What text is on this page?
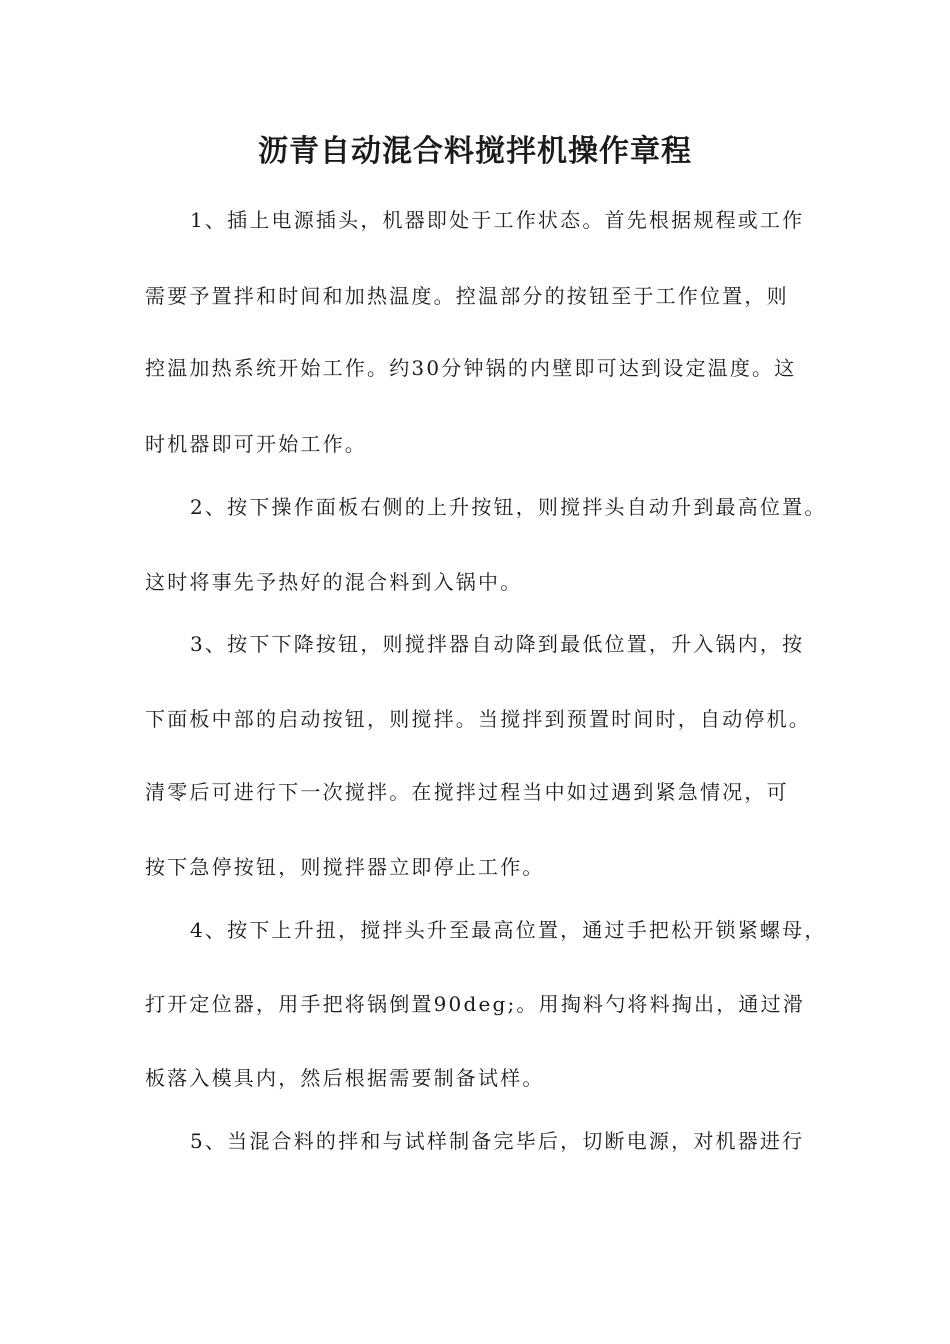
沥青自动混合料搅拌机操作章程
1、插上电源插头，机器即处于工作状态。首先根据规程或工作
需要予置拌和时间和加热温度。控温部分的按钮至于工作位置，则
控温加热系统开始工作。约30分钟锅的内壁即可达到设定温度。这
时机器即可开始工作。
2、按下操作面板右侧的上升按钮，则搅拌头自动升到最高位置。
这时将事先予热好的混合料到入锅中。
3、按下下降按钮，则搅拌器自动降到最低位置，升入锅内，按
下面板中部的启动按钮，则搅拌。当搅拌到预置时间时，自动停机。
清零后可进行下一次搅拌。在搅拌过程当中如过遇到紧急情况，可
按下急停按钮，则搅拌器立即停止工作。
4、按下上升扭，搅拌头升至最高位置，通过手把松开锁紧螺母，
打开定位器，用手把将锅倒置90deg;。用掏料勺将料掏出，通过滑
板落入模具内，然后根据需要制备试样。
5、当混合料的拌和与试样制备完毕后，切断电源，对机器进行
